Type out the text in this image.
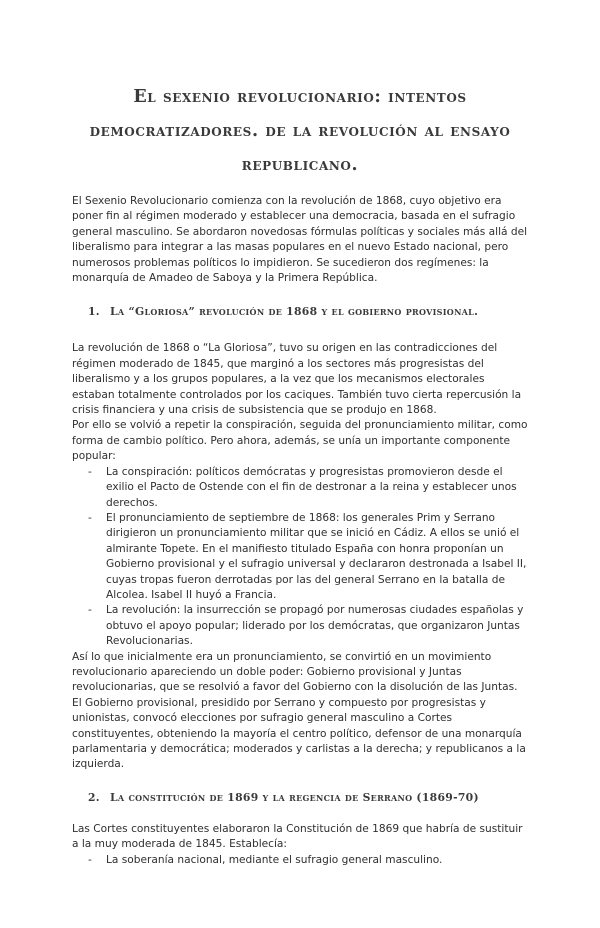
El sexenio revolucionario: intentos democratizadores. de la revolución al ensayo republicano.

El Sexenio Revolucionario comienza con la revolución de 1868, cuyo objetivo era poner fin al régimen moderado y establecer una democracia, basada en el sufragio general masculino. Se abordaron novedosas fórmulas políticas y sociales más allá del liberalismo para integrar a las masas populares en el nuevo Estado nacional, pero numerosos problemas políticos lo impidieron. Se sucedieron dos regímenes: la monarquía de Amadeo de Saboya y la Primera República.

1. La “Gloriosa” revolución de 1868 y el gobierno provisional.

La revolución de 1868 o “La Gloriosa”, tuvo su origen en las contradicciones del régimen moderado de 1845, que marginó a los sectores más progresistas del liberalismo y a los grupos populares, a la vez que los mecanismos electorales estaban totalmente controlados por los caciques. También tuvo cierta repercusión la crisis financiera y una crisis de subsistencia que se produjo en 1868.

Por ello se volvió a repetir la conspiración, seguida del pronunciamiento militar, como forma de cambio político. Pero ahora, además, se unía un importante componente popular:

- La conspiración: políticos demócratas y progresistas promovieron desde el exilio el Pacto de Ostende con el fin de destronar a la reina y establecer unos derechos.
- El pronunciamiento de septiembre de 1868: los generales Prim y Serrano dirigieron un pronunciamiento militar que se inició en Cádiz. A ellos se unió el almirante Topete. En el manifiesto titulado España con honra proponían un Gobierno provisional y el sufragio universal y declararon destronada a Isabel II, cuyas tropas fueron derrotadas por las del general Serrano en la batalla de Alcolea. Isabel II huyó a Francia.
- La revolución: la insurrección se propagó por numerosas ciudades españolas y obtuvo el apoyo popular; liderado por los demócratas, que organizaron Juntas Revolucionarias.

Así lo que inicialmente era un pronunciamiento, se convirtió en un movimiento revolucionario apareciendo un doble poder: Gobierno provisional y Juntas revolucionarias, que se resolvió a favor del Gobierno con la disolución de las Juntas.

El Gobierno provisional, presidido por Serrano y compuesto por progresistas y unionistas, convocó elecciones por sufragio general masculino a Cortes constituyentes, obteniendo la mayoría el centro político, defensor de una monarquía parlamentaria y democrática; moderados y carlistas a la derecha; y republicanos a la izquierda.

2. La constitución de 1869 y la regencia de Serrano (1869-70)

Las Cortes constituyentes elaboraron la Constitución de 1869 que habría de sustituir a la muy moderada de 1845. Establecía:

- La soberanía nacional, mediante el sufragio general masculino.
